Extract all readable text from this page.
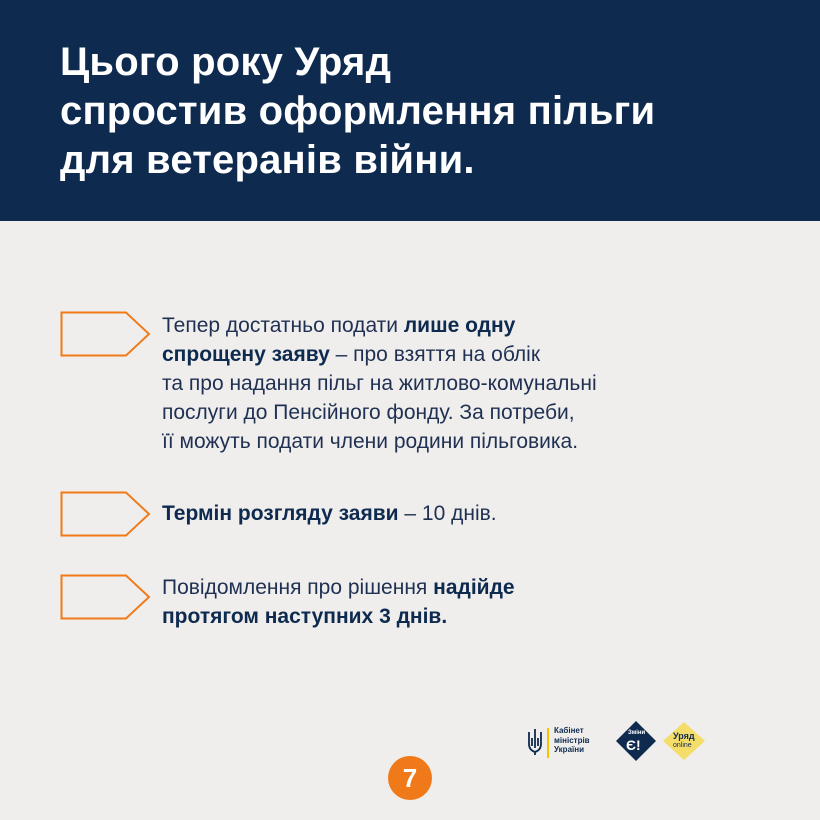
Цього року Уряд
спростив оформлення пільги
для ветеранів війни.
Тепер достатньо подати лише одну
спрощену заяву – про взяття на облік
та про надання пільг на житлово-комунальні
послуги до Пенсійного фонду. За потреби,
її можуть подати члени родини пільговика.
Термін розгляду заяви – 10 днів.
Повідомлення про рішення надійде
протягом наступних 3 днів.
Кабінет
міністрів
України
Зміни
Є!
Уряд
online
7
